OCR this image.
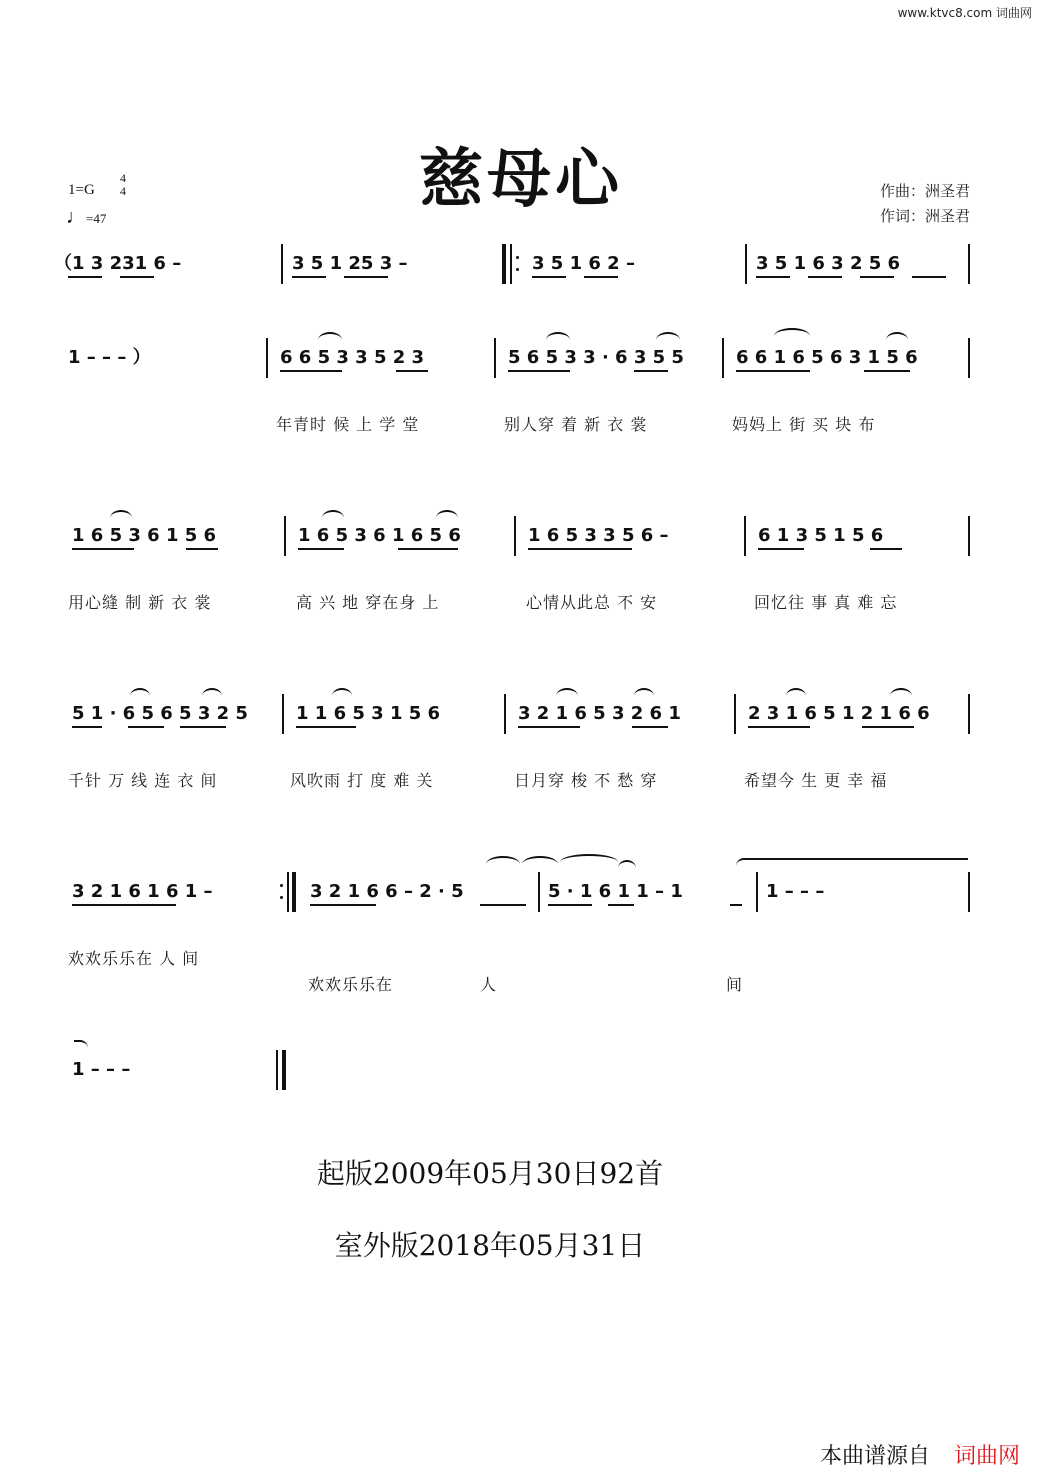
www.ktvc8.com 词曲网
慈母心
1=G
4
4
♩=47
作曲：洲圣君
作词：洲圣君
（1 3 231 6 –	3 5 1 25 3 –	3 5 1 6 2 –	3 5 1 6 3 2 5 6
1 – – – ）	6 6 5 3 3 5 2 3	5 6 5 3 3 · 6 3 5 5	6 6 1 6 5 6 3 1 5 6
年青时 候 上 学 堂	别人穿 着 新 衣 裳	妈妈上 街 买 块 布
1 6 5 3 6 1 5 6	1 6 5 3 6 1 6 5 6	1 6 5 3 3 5 6 –	6 1 3 5 1 5 6
用心缝 制 新 衣 裳	高 兴 地 穿在身 上	心情从此总 不 安	回忆往 事 真 难 忘
5 1 · 6 5 6 5 3 2 5	1 1 6 5 3 1 5 6	3 2 1 6 5 3 2 6 1	2 3 1 6 5 1 2 1 6 6
千针 万 线 连 衣 间	风吹雨 打 度 难 关	日月穿 梭 不 愁 穿	希望今 生 更 幸 福
3 2 1 6 1 6 1 –	3 2 1 6 6 – 2 · 5	5 · 1 6 1 1 – 1	1 – – –
欢欢乐乐在 人 间
欢欢乐乐在	人	间
1 – – –
起版2009年05月30日92首
室外版2018年05月31日
本曲谱源自 词曲网
